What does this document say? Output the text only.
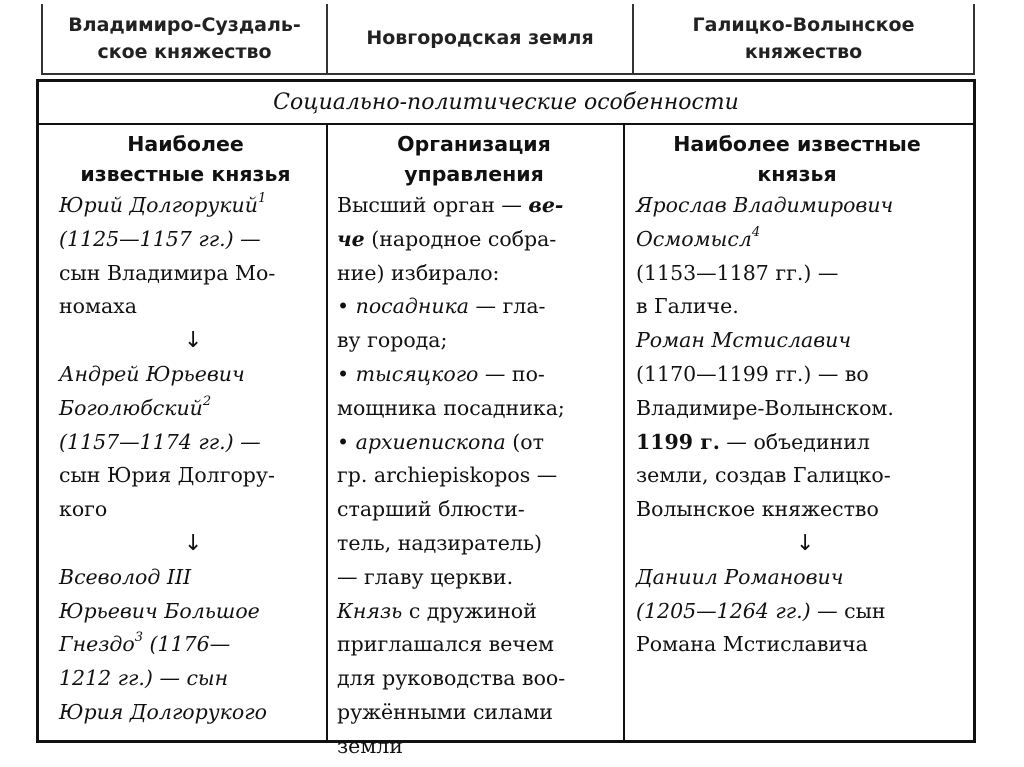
Владимиро-Суздаль-
ское княжество
Новгородская земля
Галицко-Волынское
княжество
Социально-политические особенности
Наиболее
известные князья
Юрий Долгорукий$^1$
(1125—1157 гг.) —
сын Владимира Мо-
номаха
↓
Андрей Юрьевич
Боголюбский$^2$
(1157—1174 гг.) —
сын Юрия Долгору-
кого
↓
Всеволод III
Юрьевич Большое
Гнездо$^3$ (1176—
1212 гг.) — сын
Юрия Долгорукого
Организация
управления
Высший орган — ве-
че (народное собра-
ние) избирало:
• посадника — гла-
ву города;
• тысяцкого — по-
мощника посадника;
• архиепископа (от
гр. archiepiskopos —
старший блюсти-
тель, надзиратель)
— главу церкви.
Князь с дружиной
приглашался вечем
для руководства воо-
ружёнными силами
земли
Наиболее известные
князья
Ярослав Владимирович
Осмомысл$^4$
(1153—1187 гг.) —
в Галиче.
Роман Мстиславич
(1170—1199 гг.) — во
Владимире-Волынском.
1199 г. — объединил
земли, создав Галицко-
Волынское княжество
↓
Даниил Романович
(1205—1264 гг.) — сын
Романа Мстиславича
